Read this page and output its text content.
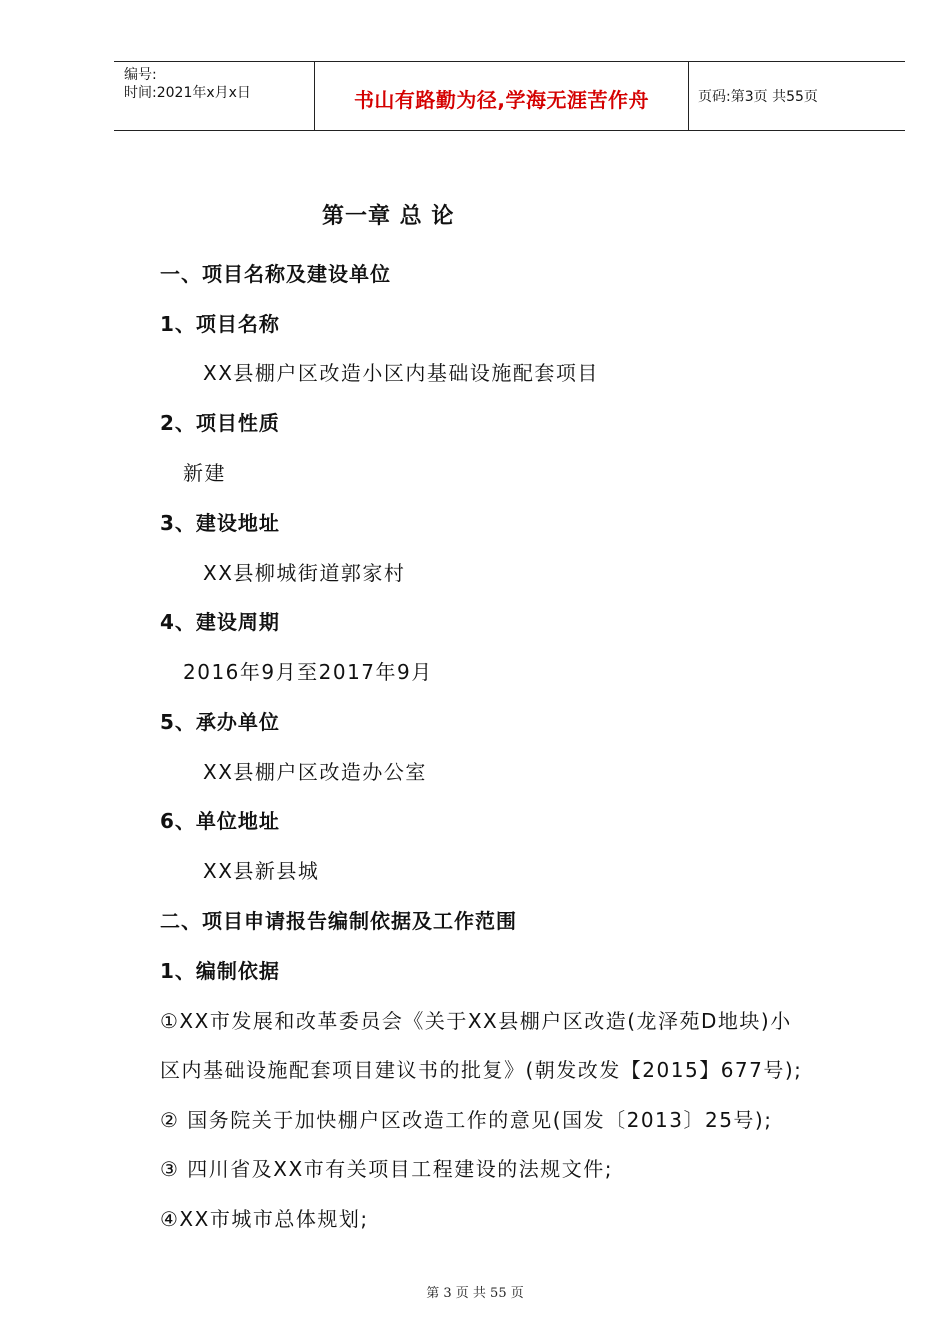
编号:
时间:2021年x月x日	书山有路勤为径,学海无涯苦作舟	页码:第3页 共55页
第一章 总 论
一、项目名称及建设单位
1、项目名称
XX县棚户区改造小区内基础设施配套项目
2、项目性质
新建
3、建设地址
XX县柳城街道郭家村
4、建设周期
2016年9月至2017年9月
5、承办单位
XX县棚户区改造办公室
6、单位地址
XX县新县城
二、项目申请报告编制依据及工作范围
1、编制依据
①XX市发展和改革委员会《关于XX县棚户区改造(龙泽苑D地块)小
区内基础设施配套项目建议书的批复》(朝发改发【2015】677号);
② 国务院关于加快棚户区改造工作的意见(国发〔2013〕25号);
③ 四川省及XX市有关项目工程建设的法规文件;
④XX市城市总体规划;
第 3 页 共 55 页
